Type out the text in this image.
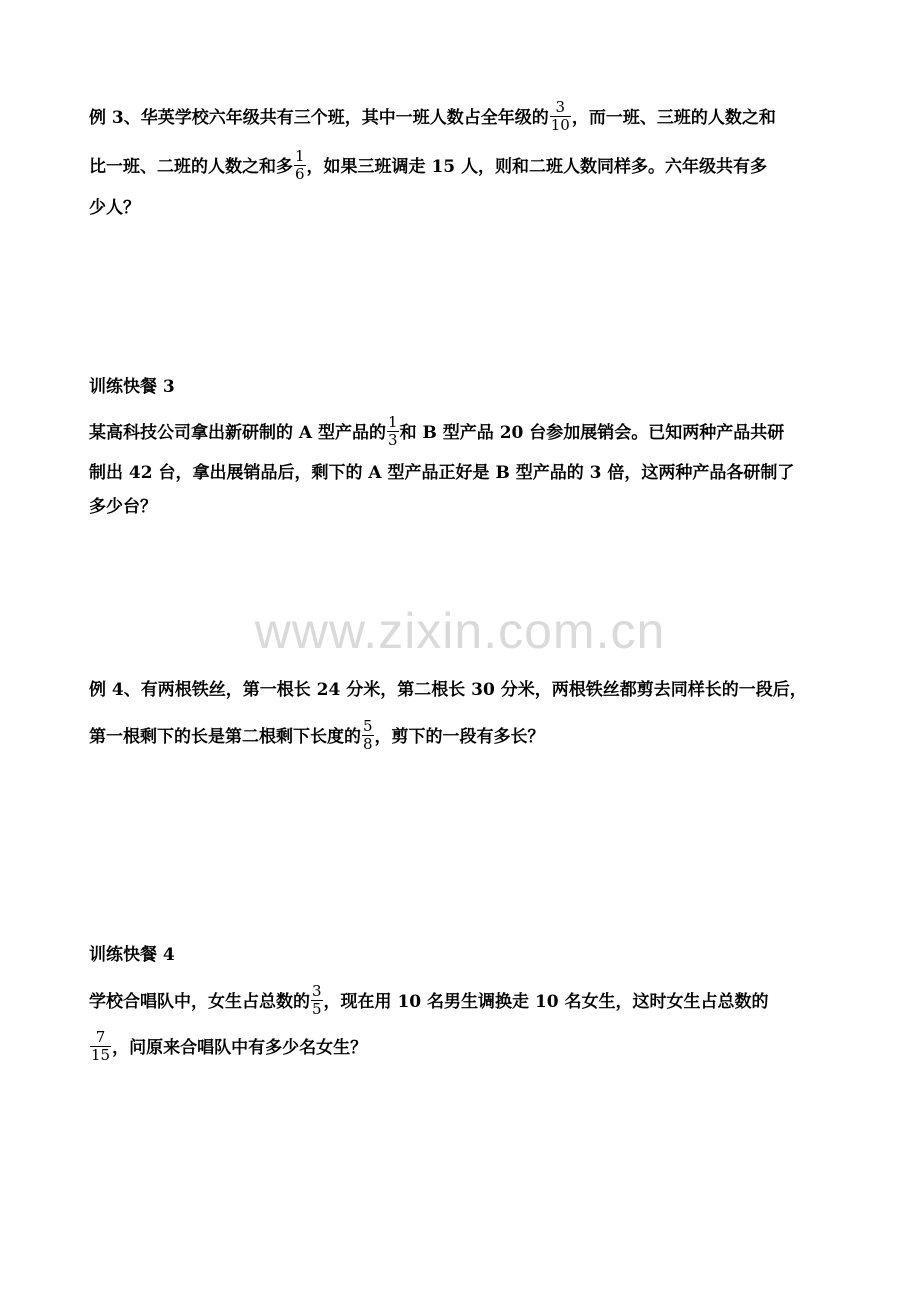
www.zixin.com.cn
例 3、华英学校六年级共有三个班，其中一班人数占全年级的 $\frac{3}{10}$ ，而一班、三班的人数之和
比一班、二班的人数之和多 $\frac{1}{6}$ ，如果三班调走 15 人，则和二班人数同样多。六年级共有多
少人？
训练快餐 3
某高科技公司拿出新研制的 A 型产品的 $\frac{1}{3}$ 和 B 型产品 20 台参加展销会。已知两种产品共研
制出 42 台，拿出展销品后，剩下的 A 型产品正好是 B 型产品的 3 倍，这两种产品各研制了
多少台？
例 4、有两根铁丝，第一根长 24 分米，第二根长 30 分米，两根铁丝都剪去同样长的一段后，
第一根剩下的长是第二根剩下长度的 $\frac{5}{8}$ ，剪下的一段有多长？
训练快餐 4
学校合唱队中，女生占总数的 $\frac{3}{5}$ ，现在用 10 名男生调换走 10 名女生，这时女生占总数的
$\frac{7}{15}$ ，问原来合唱队中有多少名女生？
